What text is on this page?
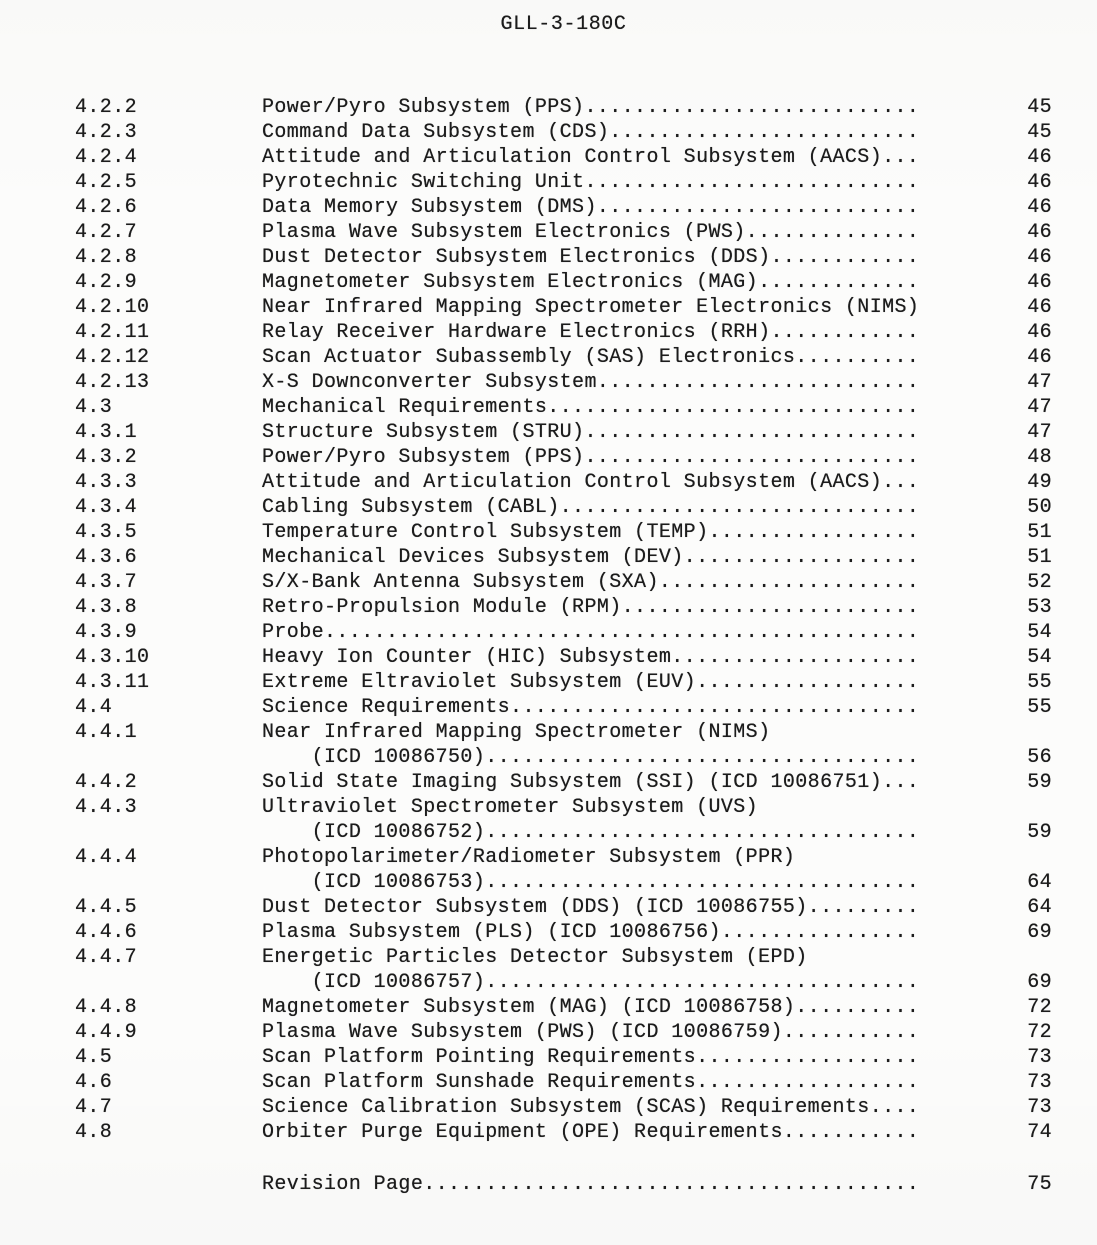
GLL-3-180C
4.2.2	Power/Pyro Subsystem (PPS)...........................	45
4.2.3	Command Data Subsystem (CDS).........................	45
4.2.4	Attitude and Articulation Control Subsystem (AACS)...	46
4.2.5	Pyrotechnic Switching Unit...........................	46
4.2.6	Data Memory Subsystem (DMS)..........................	46
4.2.7	Plasma Wave Subsystem Electronics (PWS)..............	46
4.2.8	Dust Detector Subsystem Electronics (DDS)............	46
4.2.9	Magnetometer Subsystem Electronics (MAG).............	46
4.2.10	Near Infrared Mapping Spectrometer Electronics (NIMS)	46
4.2.11	Relay Receiver Hardware Electronics (RRH)............	46
4.2.12	Scan Actuator Subassembly (SAS) Electronics..........	46
4.2.13	X-S Downconverter Subsystem..........................	47
4.3	Mechanical Requirements..............................	47
4.3.1	Structure Subsystem (STRU)...........................	47
4.3.2	Power/Pyro Subsystem (PPS)...........................	48
4.3.3	Attitude and Articulation Control Subsystem (AACS)...	49
4.3.4	Cabling Subsystem (CABL).............................	50
4.3.5	Temperature Control Subsystem (TEMP).................	51
4.3.6	Mechanical Devices Subsystem (DEV)...................	51
4.3.7	S/X-Bank Antenna Subsystem (SXA).....................	52
4.3.8	Retro-Propulsion Module (RPM)........................	53
4.3.9	Probe................................................	54
4.3.10	Heavy Ion Counter (HIC) Subsystem....................	54
4.3.11	Extreme Eltraviolet Subsystem (EUV)..................	55
4.4	Science Requirements.................................	55
4.4.1	Near Infrared Mapping Spectrometer (NIMS)
(ICD 10086750)...................................	56
4.4.2	Solid State Imaging Subsystem (SSI) (ICD 10086751)...	59
4.4.3	Ultraviolet Spectrometer Subsystem (UVS)
(ICD 10086752)...................................	59
4.4.4	Photopolarimeter/Radiometer Subsystem (PPR)
(ICD 10086753)...................................	64
4.4.5	Dust Detector Subsystem (DDS) (ICD 10086755).........	64
4.4.6	Plasma Subsystem (PLS) (ICD 10086756)................	69
4.4.7	Energetic Particles Detector Subsystem (EPD)
(ICD 10086757)...................................	69
4.4.8	Magnetometer Subsystem (MAG) (ICD 10086758)..........	72
4.4.9	Plasma Wave Subsystem (PWS) (ICD 10086759)...........	72
4.5	Scan Platform Pointing Requirements..................	73
4.6	Scan Platform Sunshade Requirements..................	73
4.7	Science Calibration Subsystem (SCAS) Requirements....	73
4.8	Orbiter Purge Equipment (OPE) Requirements...........	74
Revision Page........................................	75
